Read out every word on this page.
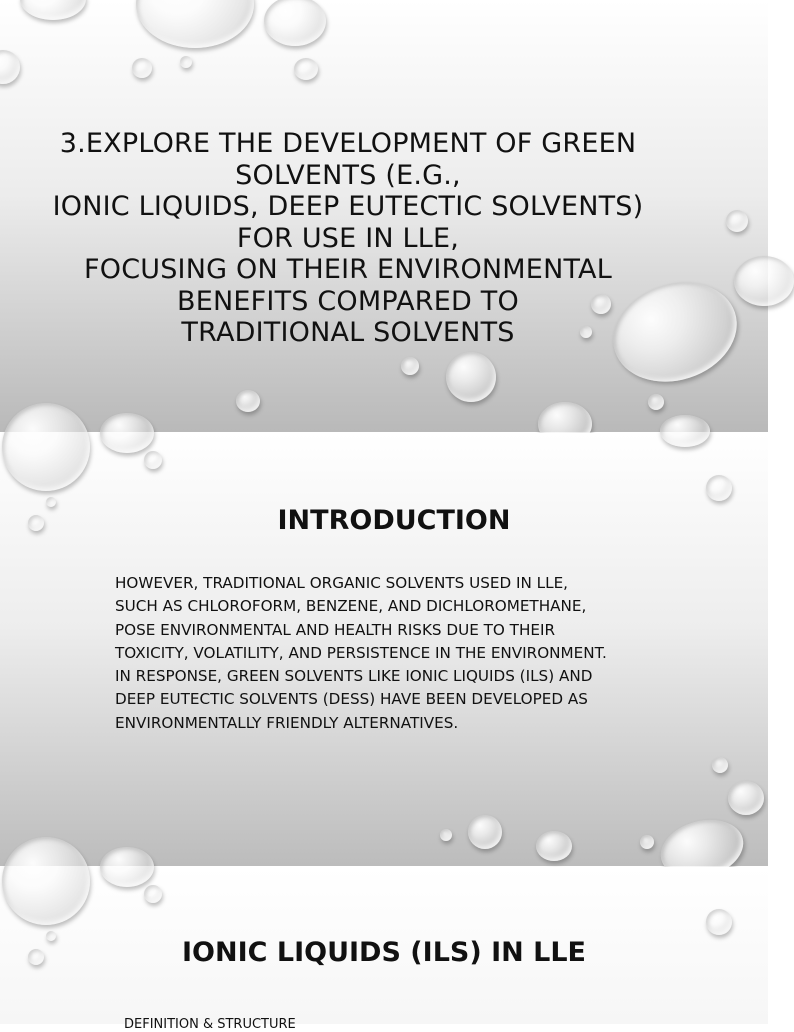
3.EXPLORE THE DEVELOPMENT OF GREEN
SOLVENTS (E.G.,
IONIC LIQUIDS, DEEP EUTECTIC SOLVENTS)
FOR USE IN LLE,
FOCUSING ON THEIR ENVIRONMENTAL
BENEFITS COMPARED TO
TRADITIONAL SOLVENTS
INTRODUCTION
HOWEVER, TRADITIONAL ORGANIC SOLVENTS USED IN LLE,
SUCH AS CHLOROFORM, BENZENE, AND DICHLOROMETHANE,
POSE ENVIRONMENTAL AND HEALTH RISKS DUE TO THEIR
TOXICITY, VOLATILITY, AND PERSISTENCE IN THE ENVIRONMENT.
IN RESPONSE, GREEN SOLVENTS LIKE IONIC LIQUIDS (ILS) AND
DEEP EUTECTIC SOLVENTS (DESS) HAVE BEEN DEVELOPED AS
ENVIRONMENTALLY FRIENDLY ALTERNATIVES.
IONIC LIQUIDS (ILS) IN LLE
DEFINITION & STRUCTURE
